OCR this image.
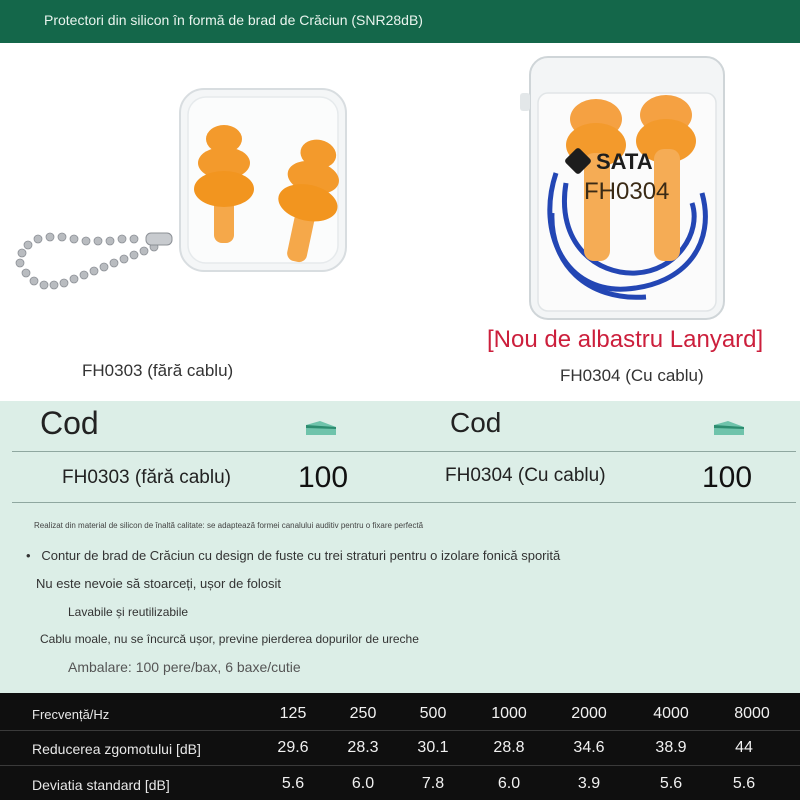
Protectori din silicon în formă de brad de Crăciun (SNR28dB)
FH0303 (fără cablu)
SATA
FH0304
[Nou de albastru Lanyard]
FH0304 (Cu cablu)
Cod	Cod
FH0303 (fără cablu) 100	FH0304 (Cu cablu)	100
Realizat din material de silicon de înaltă calitate: se adaptează formei canalului auditiv pentru o fixare perfectă
•   Contur de brad de Crăciun cu design de fuste cu trei straturi pentru o izolare fonică sporită
Nu este nevoie să stoarceți, ușor de folosit
Lavabile și reutilizabile
Cablu moale, nu se încurcă ușor, previne pierderea dopurilor de ureche
Ambalare: 100 pere/bax, 6 baxe/cutie
Frecvență/Hz	125	250	500	1000	2000	4000	8000
Reducerea zgomotului [dB]	29.6	28.3	30.1	28.8	34.6	38.9	44
Deviatia standard [dB]	5.6	6.0	7.8	6.0	3.9	5.6	5.6
